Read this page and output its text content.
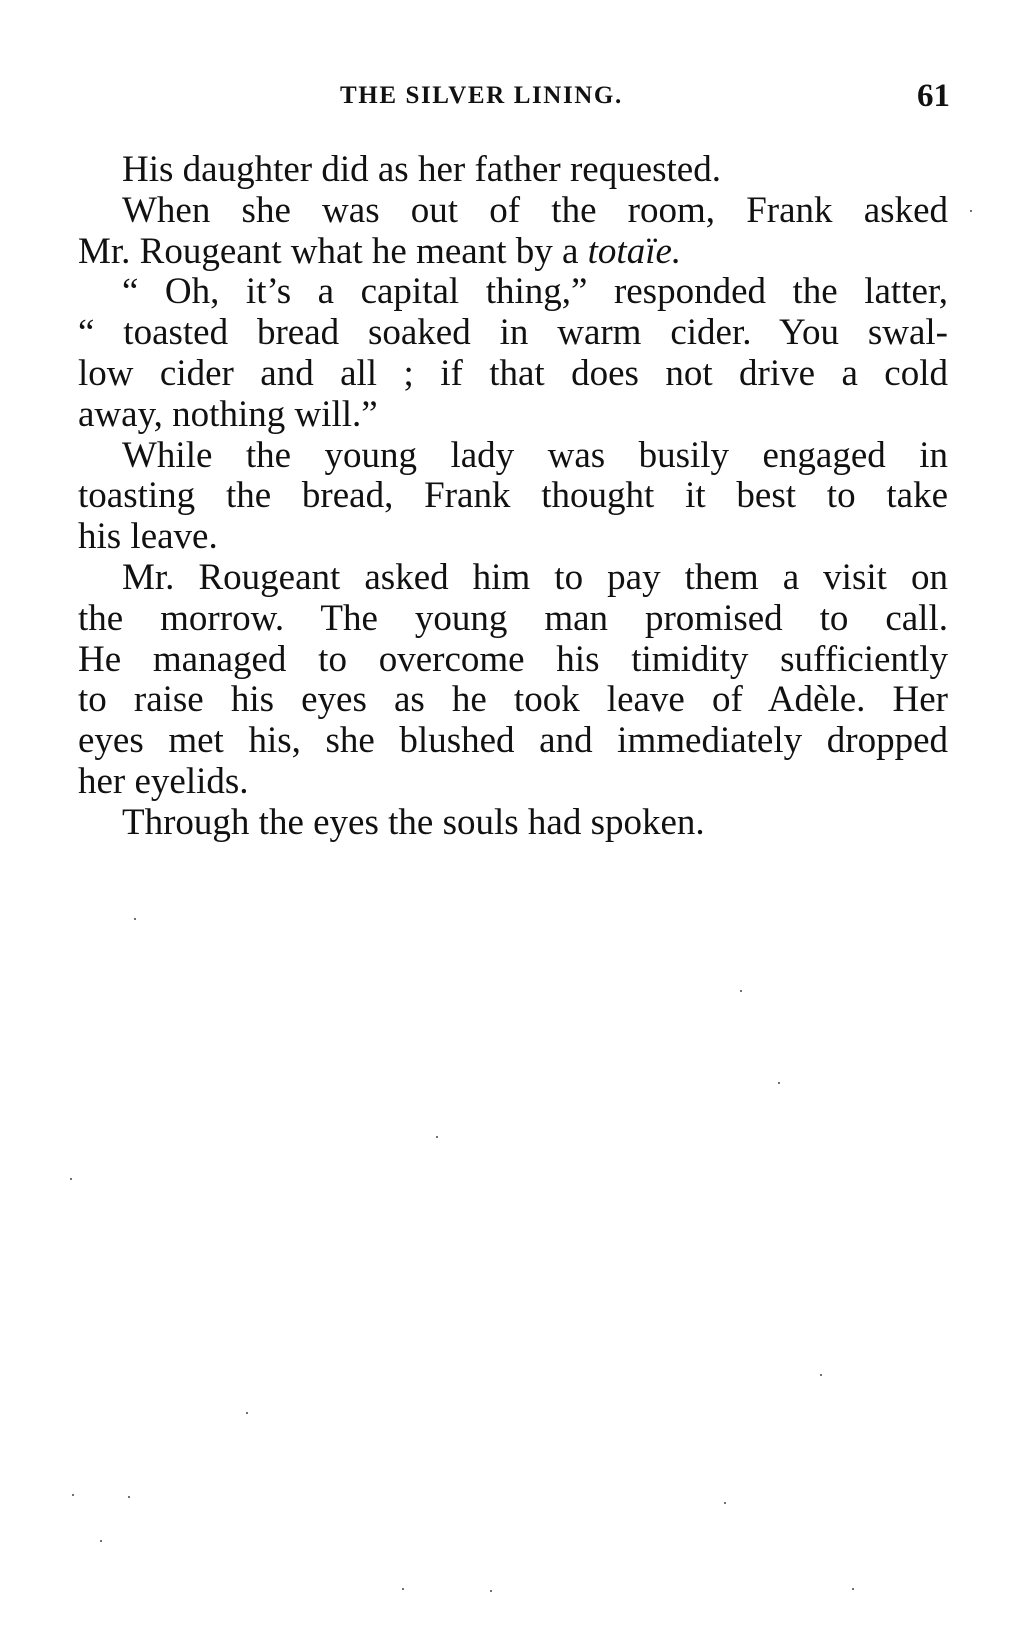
THE SILVER LINING.	61
His daughter did as her father requested.
When she was out of the room, Frank asked
Mr. Rougeant what he meant by a totaïe.
“ Oh, it’s a capital thing,” responded the latter,
“ toasted bread soaked in warm cider. You swal-
low cider and all ; if that does not drive a cold
away, nothing will.”
While the young lady was busily engaged in
toasting the bread, Frank thought it best to take
his leave.
Mr. Rougeant asked him to pay them a visit on
the morrow. The young man promised to call.
He managed to overcome his timidity sufficiently
to raise his eyes as he took leave of Adèle. Her
eyes met his, she blushed and immediately dropped
her eyelids.
Through the eyes the souls had spoken.
